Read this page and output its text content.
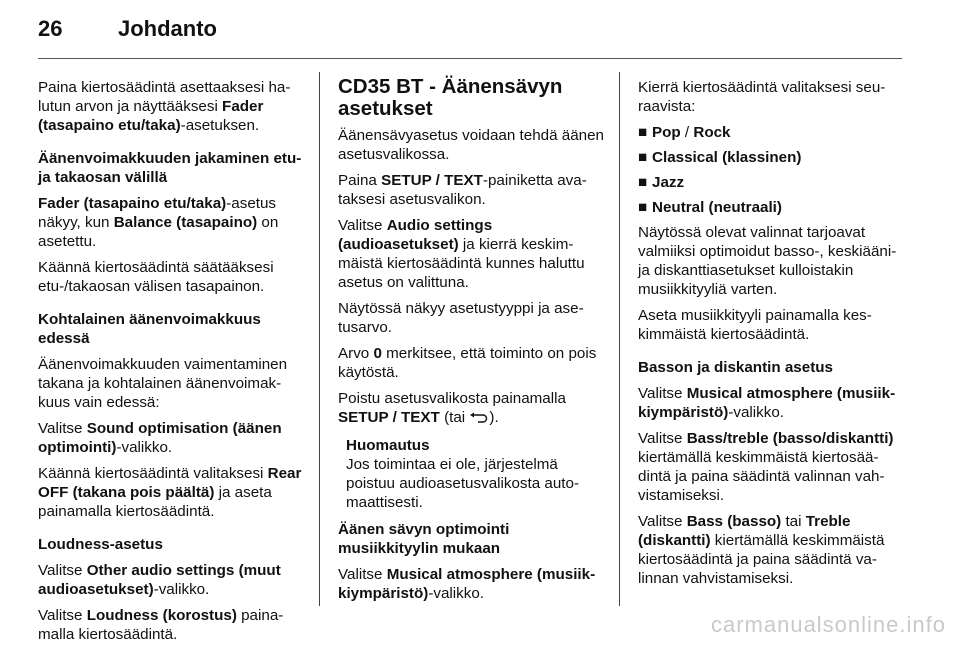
26	Johdanto

Paina kiertosäädintä asettaaksesi halutun arvon ja näyttääksesi Fader (tasapaino etu/taka)-asetuksen.

Äänenvoimakkuuden jakaminen etu- ja takaosan välillä

Fader (tasapaino etu/taka)-asetus näkyy, kun Balance (tasapaino) on asetettu.

Käännä kiertosäädintä säätääksesi etu-/takaosan välisen tasapainon.

Kohtalainen äänenvoimakkuus edessä

Äänenvoimakkuuden vaimentaminen takana ja kohtalainen äänenvoimakkuus vain edessä:

Valitse Sound optimisation (äänen optimointi)-valikko.

Käännä kiertosäädintä valitaksesi Rear OFF (takana pois päältä) ja aseta painamalla kiertosäädintä.

Loudness-asetus

Valitse Other audio settings (muut audioasetukset)-valikko.

Valitse Loudness (korostus) painamalla kiertosäädintä.

CD35 BT - Äänensävyn asetukset

Äänensävyasetus voidaan tehdä äänen asetusvalikossa.

Paina SETUP / TEXT-painiketta avataksesi asetusvalikon.

Valitse Audio settings (audioasetukset) ja kierrä keskimmäistä kiertosäädintä kunnes haluttu asetus on valittuna.

Näytössä näkyy asetustyyppi ja asetusarvo.

Arvo 0 merkitsee, että toiminto on pois käytöstä.

Poistu asetusvalikosta painamalla SETUP / TEXT (tai ).

Huomautus
Jos toimintaa ei ole, järjestelmä poistuu audioasetusvalikosta automaattisesti.

Äänen sävyn optimointi musiikkityylin mukaan

Valitse Musical atmosphere (musiikkiympäristö)-valikko.

Kierrä kiertosäädintä valitaksesi seuraavista:

■ Pop / Rock
■ Classical (klassinen)
■ Jazz
■ Neutral (neutraali)

Näytössä olevat valinnat tarjoavat valmiiksi optimoidut basso-, keskiääni- ja diskanttiasetukset kulloistakin musiikkityyliä varten.

Aseta musiikkityyli painamalla keskimmäistä kiertosäädintä.

Basson ja diskantin asetus

Valitse Musical atmosphere (musiikkiympäristö)-valikko.

Valitse Bass/treble (basso/diskantti) kiertämällä keskimmäistä kiertosäädintä ja paina säädintä valinnan vahvistamiseksi.

Valitse Bass (basso) tai Treble (diskantti) kiertämällä keskimmäistä kiertosäädintä ja paina säädintä valinnan vahvistamiseksi.

carmanualsonline.info
